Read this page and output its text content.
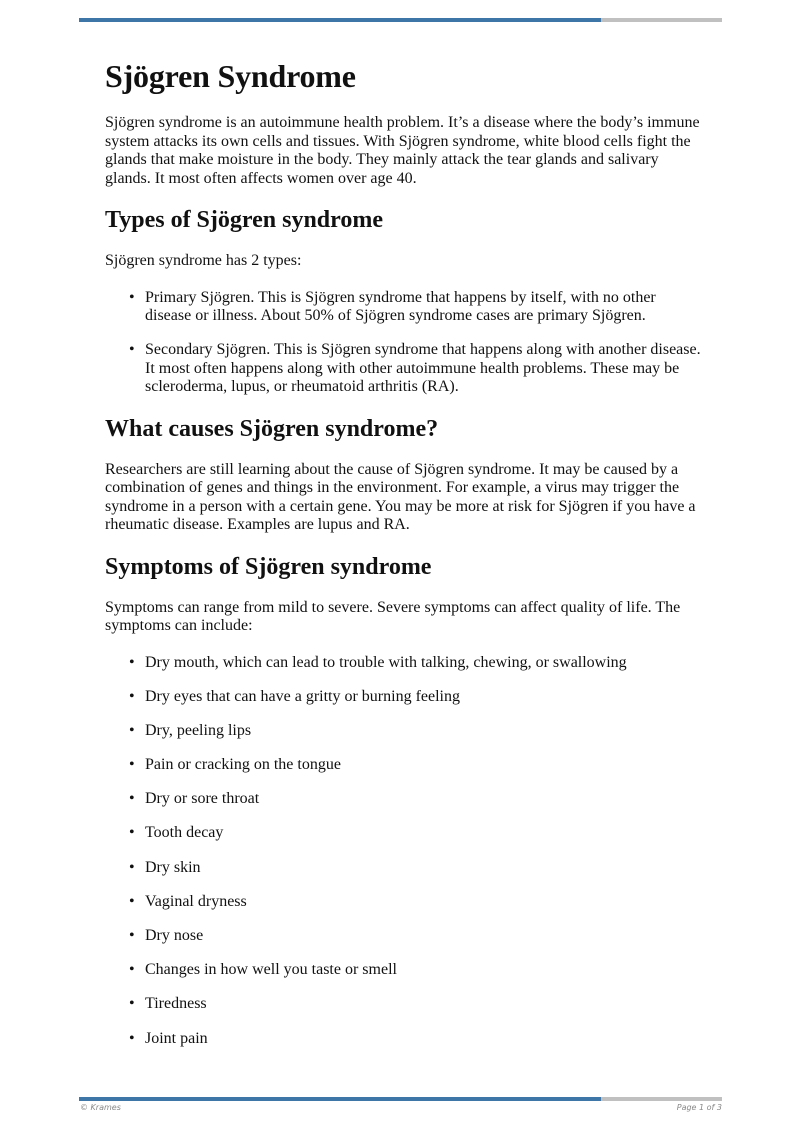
Sjögren Syndrome

Sjögren syndrome is an autoimmune health problem. It’s a disease where the body’s immune system attacks its own cells and tissues. With Sjögren syndrome, white blood cells fight the glands that make moisture in the body. They mainly attack the tear glands and salivary glands. It most often affects women over age 40.

Types of Sjögren syndrome

Sjögren syndrome has 2 types:

• Primary Sjögren. This is Sjögren syndrome that happens by itself, with no other disease or illness. About 50% of Sjögren syndrome cases are primary Sjögren.
• Secondary Sjögren. This is Sjögren syndrome that happens along with another disease. It most often happens along with other autoimmune health problems. These may be scleroderma, lupus, or rheumatoid arthritis (RA).
What causes Sjögren syndrome?

Researchers are still learning about the cause of Sjögren syndrome. It may be caused by a combination of genes and things in the environment. For example, a virus may trigger the syndrome in a person with a certain gene. You may be more at risk for Sjögren if you have a rheumatic disease. Examples are lupus and RA.

Symptoms of Sjögren syndrome

Symptoms can range from mild to severe. Severe symptoms can affect quality of life. The symptoms can include:

• Dry mouth, which can lead to trouble with talking, chewing, or swallowing
• Dry eyes that can have a gritty or burning feeling
• Dry, peeling lips
• Pain or cracking on the tongue
• Dry or sore throat
• Tooth decay
• Dry skin
• Vaginal dryness
• Dry nose
• Changes in how well you taste or smell
• Tiredness
• Joint pain
© Krames	Page 1 of 3
